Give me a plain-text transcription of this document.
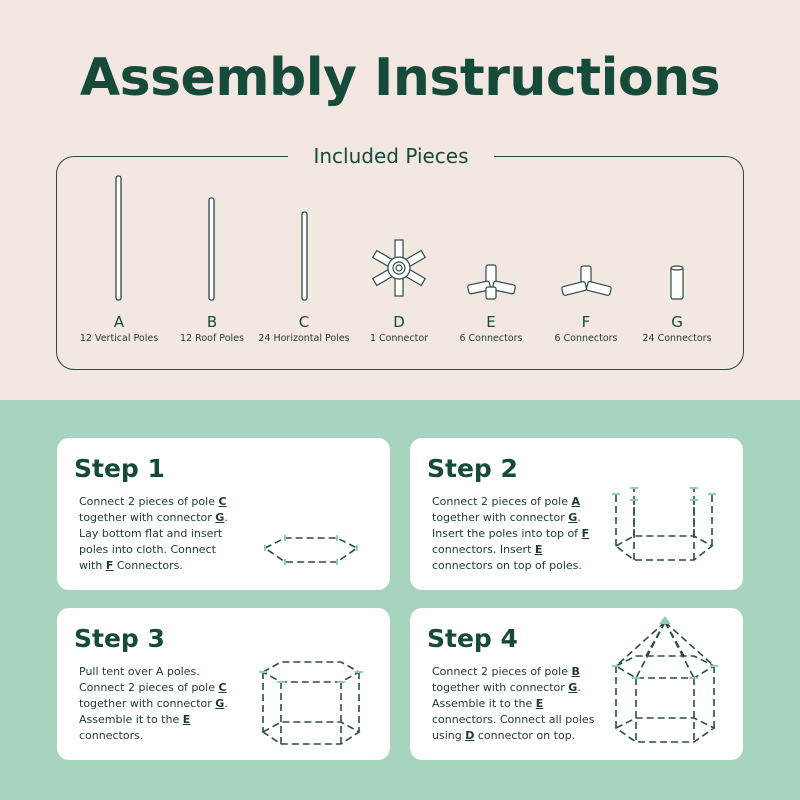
Assembly Instructions
Included Pieces
A
12 Vertical Poles
B
12 Roof Poles
C
24 Horizontal Poles
D
1 Connector
E
6 Connectors
F
6 Connectors
G
24 Connectors
Step 1
Connect 2 pieces of pole C
together with connector G.
Lay bottom flat and insert
poles into cloth. Connect
with F Connectors.
Step 2
Connect 2 pieces of pole A
together with connector G.
Insert the poles into top of F
connectors. Insert E
connectors on top of poles.
Step 3
Pull tent over A poles.
Connect 2 pieces of pole C
together with connector G.
Assemble it to the E
connectors.
Step 4
Connect 2 pieces of pole B
together with connector G.
Assemble it to the E
connectors. Connect all poles
using D connector on top.
